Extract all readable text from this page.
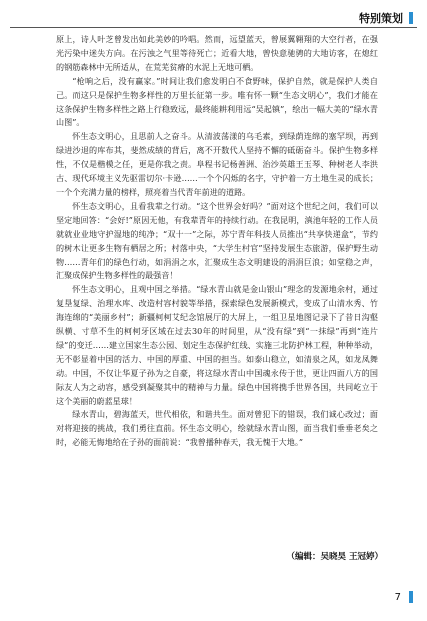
特别策划

原上，诗人叶芝曾发出如此美妙的吟唱。然而，远望蓝天，曾展翼翱翔的大空行者，在强光污染中迷失方向。在污浊之气里等待死亡；近看大地，曾快意驰骋的大地访客，在熄红的钢筋森林中无所适从，在荒芜贫瘠的水泥上无地可栖。

“枪响之后，没有赢家。”时间让我们愈发明白不食野味，保护自然，就是保护人类自己。而这只是保护生物多样性的万里长征第一步。唯有怀一颗“生态文明心”，我们才能在这条保护生物多样性之路上行稳致远，最终能耕利用远“吴起镇”，绘出一幅大美的“绿水青山图”。

怀生态文明心，且思前人之奋斗。从清波荡漾的乌毛素，到绿荫连绵的塞罕坝，再到绿进沙退的库布其，斐然成绩的背后，离不开数代人坚持不懈的砥砺奋斗。保护生物多样性，不仅是楷模之任，更是你我之责。阜程书记杨善洲、治沙英雄王玉琴、种树老人李洪古、现代环境主义先驱雷切尔·卡逊……一个个闪烁的名字，守护着一方土地生灵的成长；一个个充满力量的榜样，照亮着当代青年前进的道路。

怀生态文明心，且看我辈之行动。“这个世界会好吗？”面对这个世纪之问，我们可以坚定地回答：“会好!”原因无他，有我辈青年的持续行动。在我昆明，滇池年轻的工作人员就就业业地守护湿地的纯净；“双十一”之际，苏宁青年科技人员推出“共享快递盒”，节约的树木让更多生物有栖居之所；村落中央，“大学生村官”坚持发展生态旅游，保护野生动物……青年们的绿色行动，如涓涓之水，汇聚成生态文明建设的涓涓巨浪；如堂稳之声，汇聚成保护生物多样性的最强音！

怀生态文明心，且观中国之举措。“绿水青山就是金山银山”理念的发源地余村，通过复垦复绿、治理水库、改造村容村貌等举措，探索绿色发展新模式，变成了山清水秀、竹海连绵的“美丽乡村”；新疆柯柯艾纪念馆展厅的大屏上，一组卫星地图记录下了昔日沟壑纵横、寸草不生的柯柯牙区域在过去30年的时间里，从“没有绿”到“一抹绿”再到“连片绿”的变迁……建立国家生态公园、划定生态保护红线、实施三北防护林工程，种种举动，无不彰显着中国的活力、中国的厚重、中国的担当。如泰山稳立，如清泉之风，如龙凤舞动。中国，不仅让华夏子孙为之自豪，将这绿水青山中国魂永传于世，更让四面八方的国际友人为之动容，感受到凝聚其中的精神与力量。绿色中国将携手世界各国，共同屹立于这个美丽的蔚蓝星球！

绿水青山，碧海蓝天，世代相依，和谐共生。面对曾犯下的错误，我们诚心改过；面对将迎接的挑战，我们勇往直前。怀生态文明心，绘就绿水青山图，面当我们垂垂老矣之时，必能无悔地给在子孙的面前说：“我曾播种春天，我无愧于大地。”

（编辑：吴晓昊 王冠婷）
7
